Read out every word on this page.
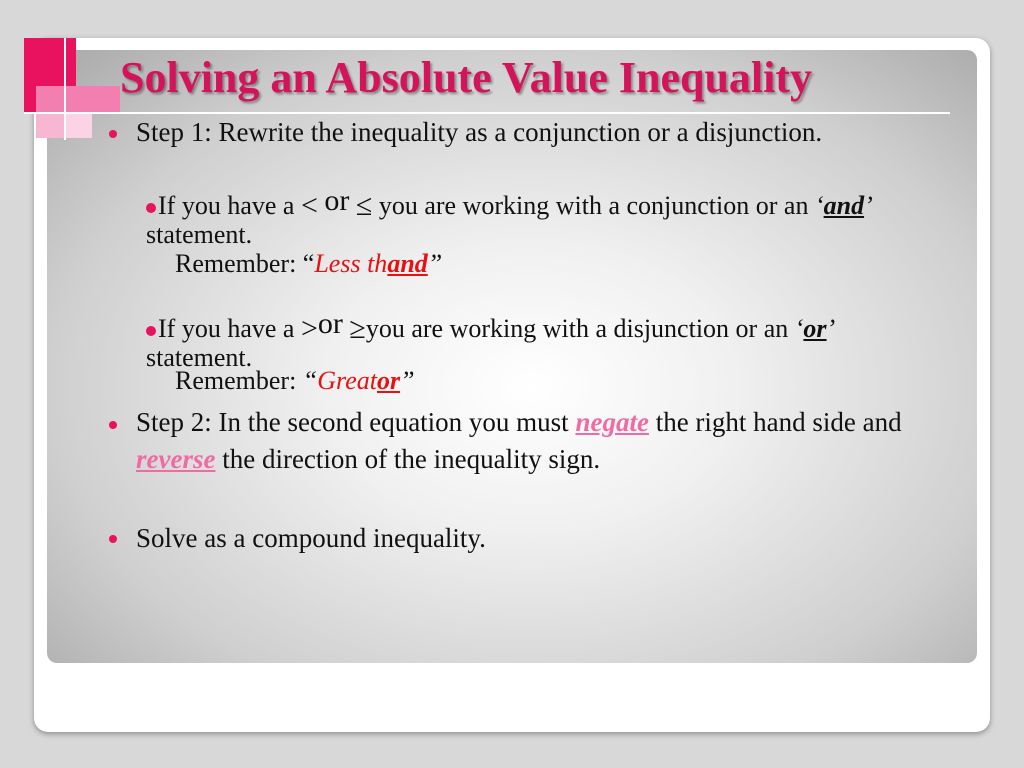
Solving an Absolute Value Inequality

Step 1: Rewrite the inequality as a conjunction or a disjunction.

If you have a < or ≤ you are working with a conjunction or an ‘and’ statement.

Remember: “Less thand”

If you have a >or ≥you are working with a disjunction or an ‘or’ statement.

Remember: “Greator”

Step 2: In the second equation you must negate the right hand side and reverse the direction of the inequality sign.

Solve as a compound inequality.
